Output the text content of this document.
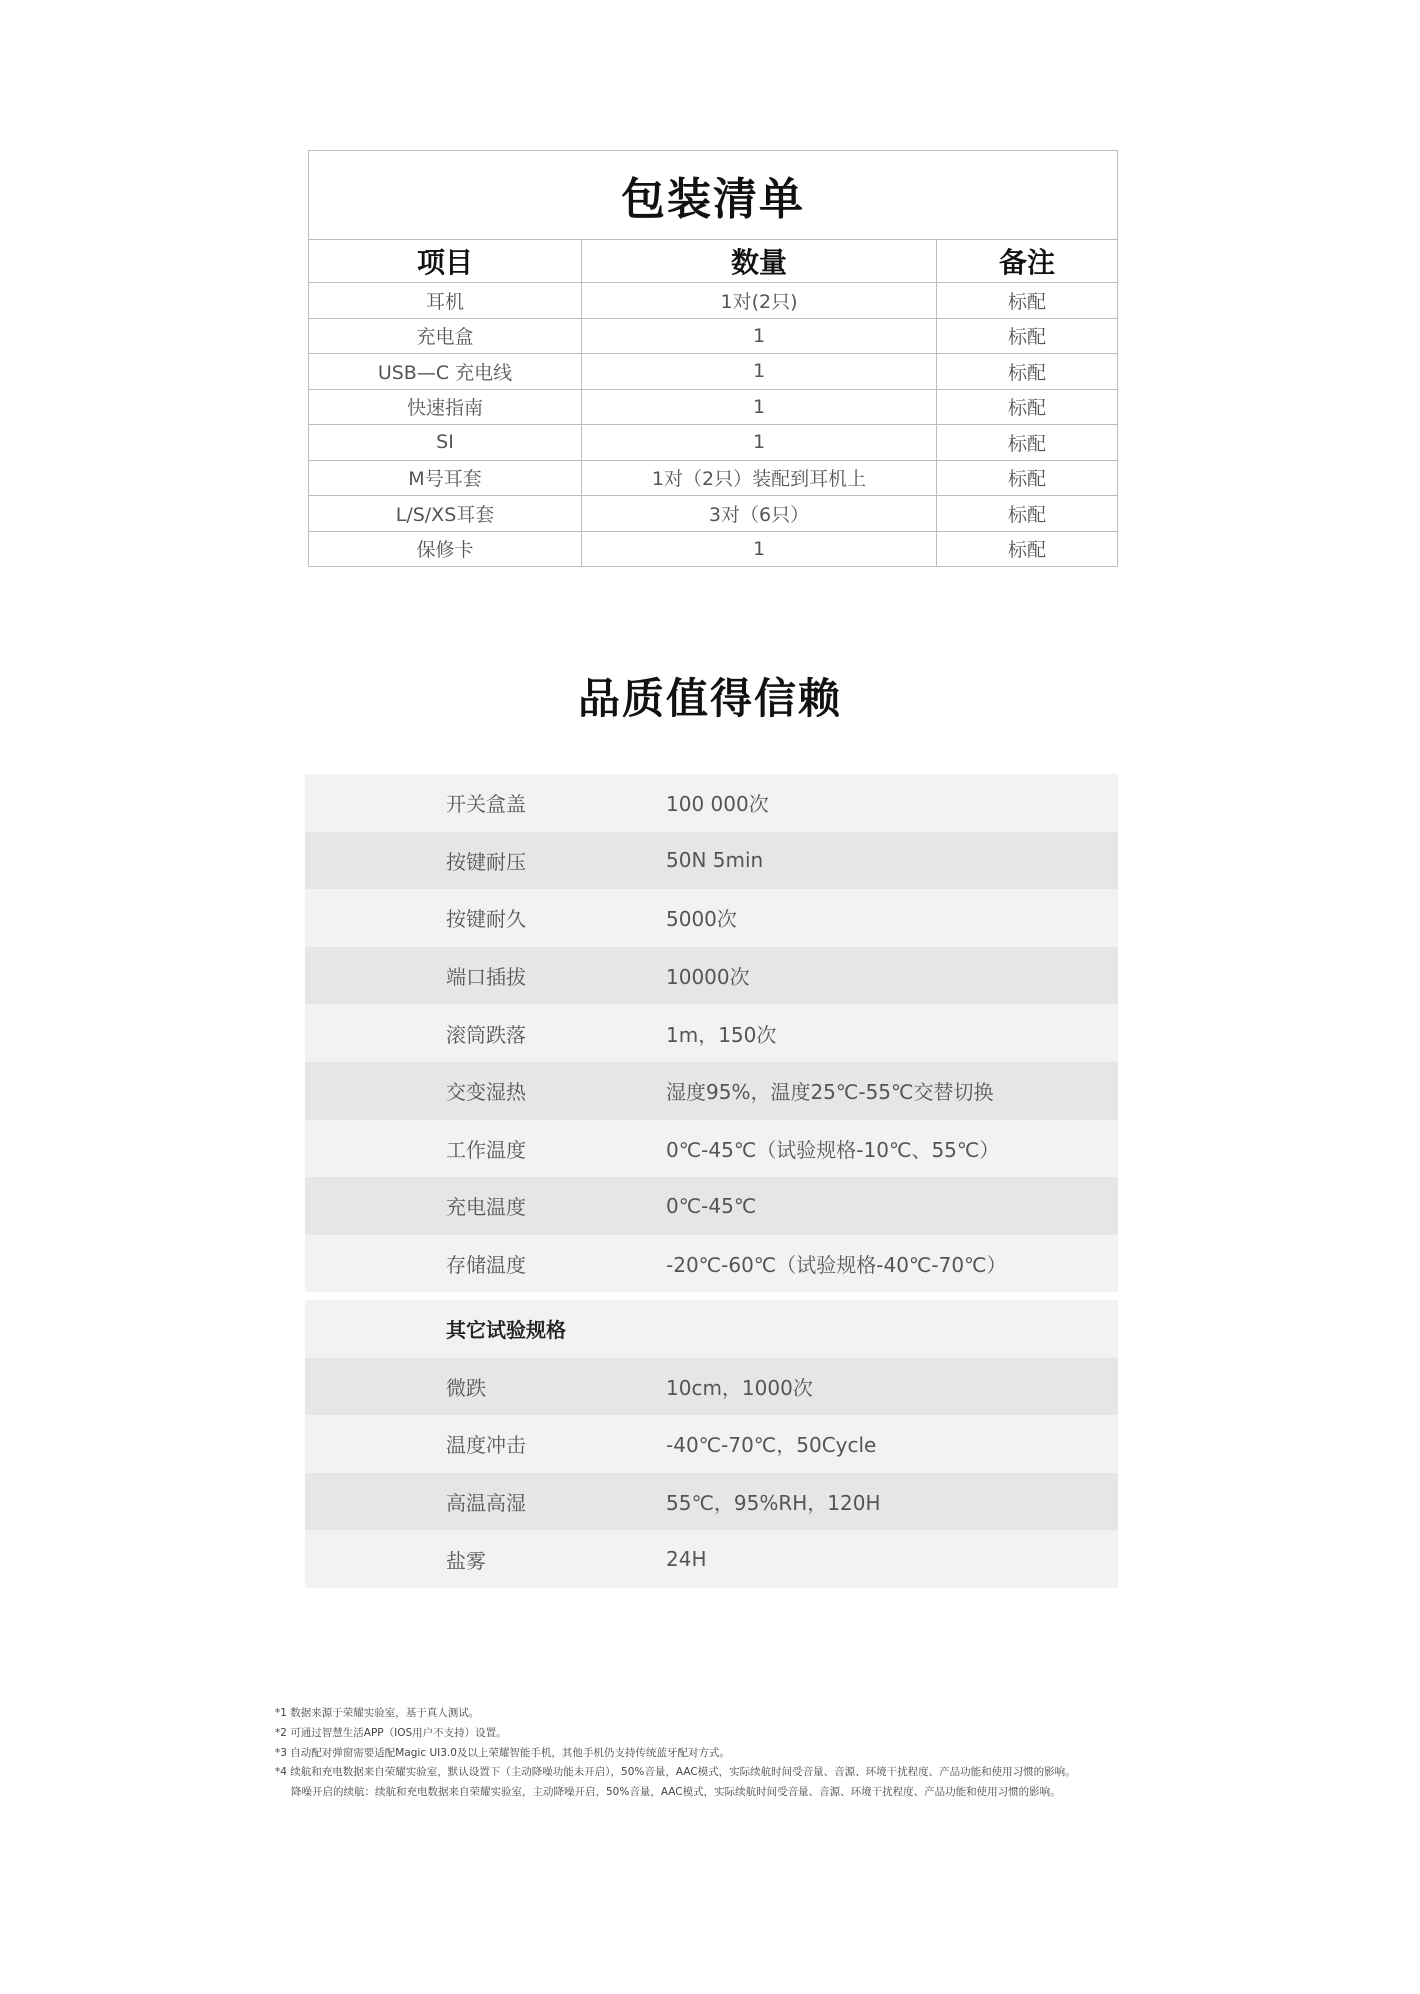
包装清单
项目	数量	备注
耳机	1对(2只)	标配
充电盒	1	标配
USB—C 充电线	1	标配
快速指南	1	标配
SI	1	标配
M号耳套	1对（2只）装配到耳机上	标配
L/S/XS耳套	3对（6只）	标配
保修卡	1	标配
品质值得信赖
开关盒盖	100 000次
按键耐压	50N 5min
按键耐久	5000次
端口插拔	10000次
滚筒跌落	1m，150次
交变湿热	湿度95%，温度25℃-55℃交替切换
工作温度	0℃-45℃（试验规格-10℃、55℃）
充电温度	0℃-45℃
存储温度	-20℃-60℃（试验规格-40℃-70℃）
其它试验规格
微跌	10cm，1000次
温度冲击	-40℃-70℃，50Cycle
高温高湿	55℃，95%RH，120H
盐雾	24H
*1 数据来源于荣耀实验室，基于真人测试。
*2 可通过智慧生活APP（IOS用户不支持）设置。
*3 自动配对弹窗需要适配Magic UI3.0及以上荣耀智能手机，其他手机仍支持传统蓝牙配对方式。
*4 续航和充电数据来自荣耀实验室，默认设置下（主动降噪功能未开启），50%音量，AAC模式，实际续航时间受音量、音源、环境干扰程度、产品功能和使用习惯的影响。
降噪开启的续航：续航和充电数据来自荣耀实验室，主动降噪开启，50%音量，AAC模式，实际续航时间受音量、音源、环境干扰程度、产品功能和使用习惯的影响。
